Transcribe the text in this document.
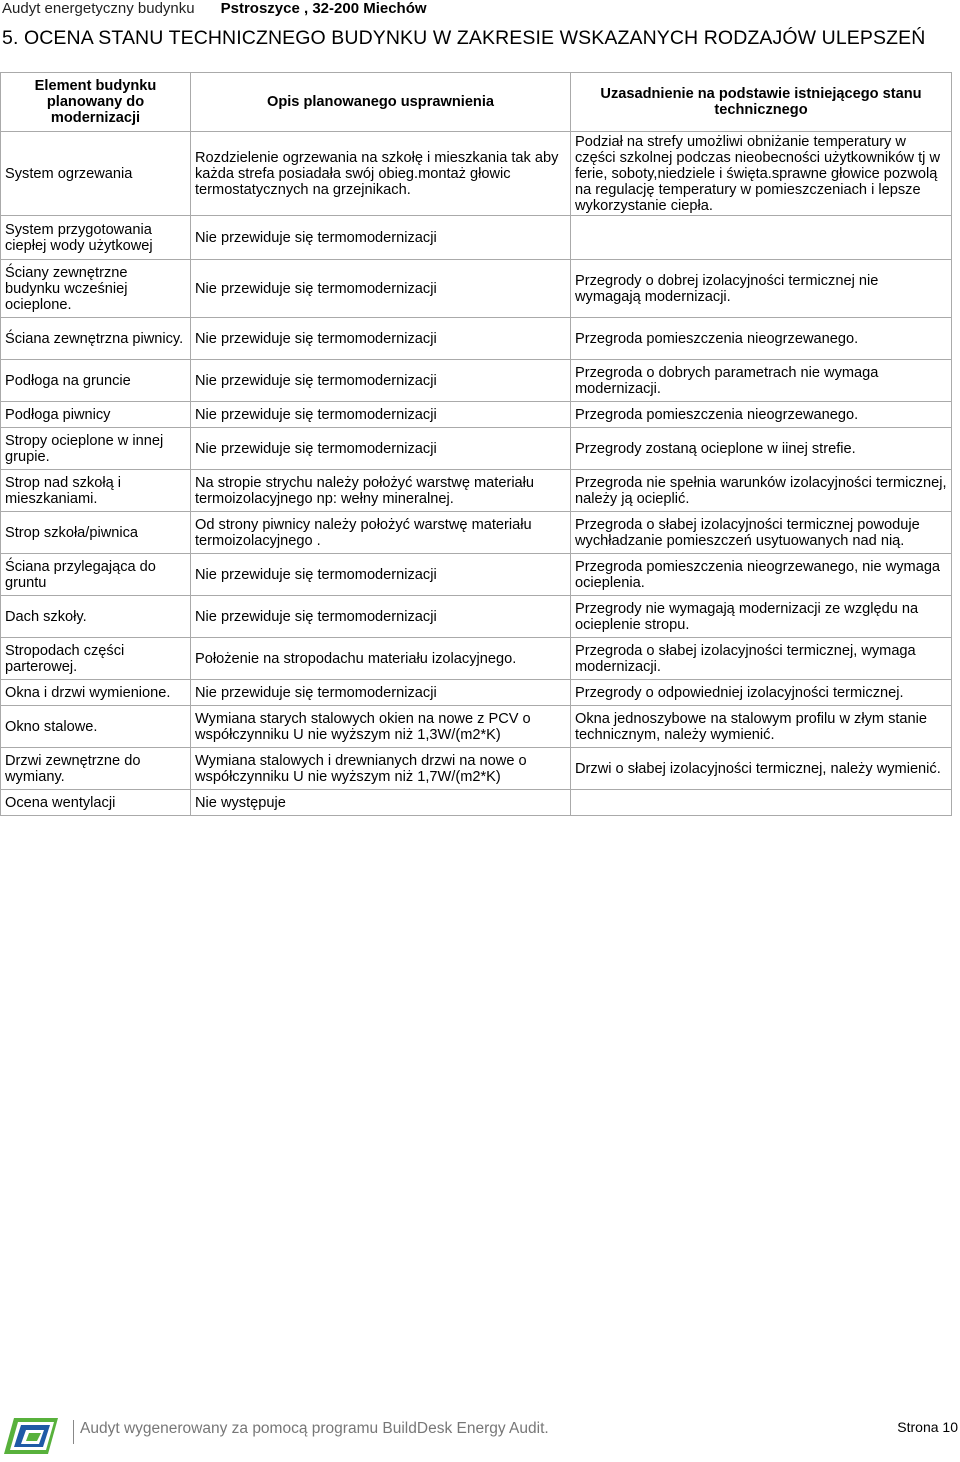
Audyt energetyczny budynku Pstroszyce , 32-200 Miechów
5. OCENA STANU TECHNICZNEGO BUDYNKU W ZAKRESIE WSKAZANYCH RODZAJÓW ULEPSZEŃ
Element budynku planowany do modernizacji	Opis planowanego usprawnienia	Uzasadnienie na podstawie istniejącego stanu technicznego
System ogrzewania	Rozdzielenie ogrzewania na szkołę i mieszkania tak aby każda strefa posiadała swój obieg.montaż głowic termostatycznych na grzejnikach.	Podział na strefy umożliwi obniżanie temperatury w części szkolnej podczas nieobecności użytkowników tj w ferie, soboty,niedziele i święta.sprawne głowice pozwolą na regulację temperatury w pomieszczeniach i lepsze wykorzystanie ciepła.
System przygotowania ciepłej wody użytkowej	Nie przewiduje się termomodernizacji	
Ściany zewnętrzne budynku wcześniej ocieplone.	Nie przewiduje się termomodernizacji	Przegrody o dobrej izolacyjności termicznej nie wymagają modernizacji.
Ściana zewnętrzna piwnicy.	Nie przewiduje się termomodernizacji	Przegroda pomieszczenia nieogrzewanego.
Podłoga na gruncie	Nie przewiduje się termomodernizacji	Przegroda o dobrych parametrach nie wymaga modernizacji.
Podłoga piwnicy	Nie przewiduje się termomodernizacji	Przegroda pomieszczenia nieogrzewanego.
Stropy ocieplone w innej grupie.	Nie przewiduje się termomodernizacji	Przegrody zostaną ocieplone w iinej strefie.
Strop nad szkołą i mieszkaniami.	Na stropie strychu należy położyć warstwę materiału termoizolacyjnego np: wełny mineralnej.	Przegroda nie spełnia warunków izolacyjności termicznej, należy ją ocieplić.
Strop szkoła/piwnica	Od strony piwnicy należy położyć warstwę materiału termoizolacyjnego .	Przegroda o słabej izolacyjności termicznej powoduje wychładzanie pomieszczeń usytuowanych nad nią.
Ściana przylegająca do gruntu	Nie przewiduje się termomodernizacji	Przegroda pomieszczenia nieogrzewanego, nie wymaga ocieplenia.
Dach szkoły.	Nie przewiduje się termomodernizacji	Przegrody nie wymagają modernizacji ze względu na ocieplenie stropu.
Stropodach części parterowej.	Położenie na stropodachu materiału izolacyjnego.	Przegroda o słabej izolacyjności termicznej, wymaga modernizacji.
Okna i drzwi wymienione.	Nie przewiduje się termomodernizacji	Przegrody o odpowiedniej izolacyjności termicznej.
Okno stalowe.	Wymiana starych stalowych okien na nowe z PCV o współczynniku U nie wyższym niż 1,3W/(m2*K)	Okna jednoszybowe na stalowym profilu w złym stanie technicznym, należy wymienić.
Drzwi zewnętrzne do wymiany.	Wymiana stalowych i drewnianych drzwi na nowe o współczynniku U nie wyższym niż 1,7W/(m2*K)	Drzwi o słabej izolacyjności termicznej, należy wymienić.
Ocena wentylacji	Nie występuje	
Audyt wygenerowany za pomocą programu BuildDesk Energy Audit.	Strona 10
